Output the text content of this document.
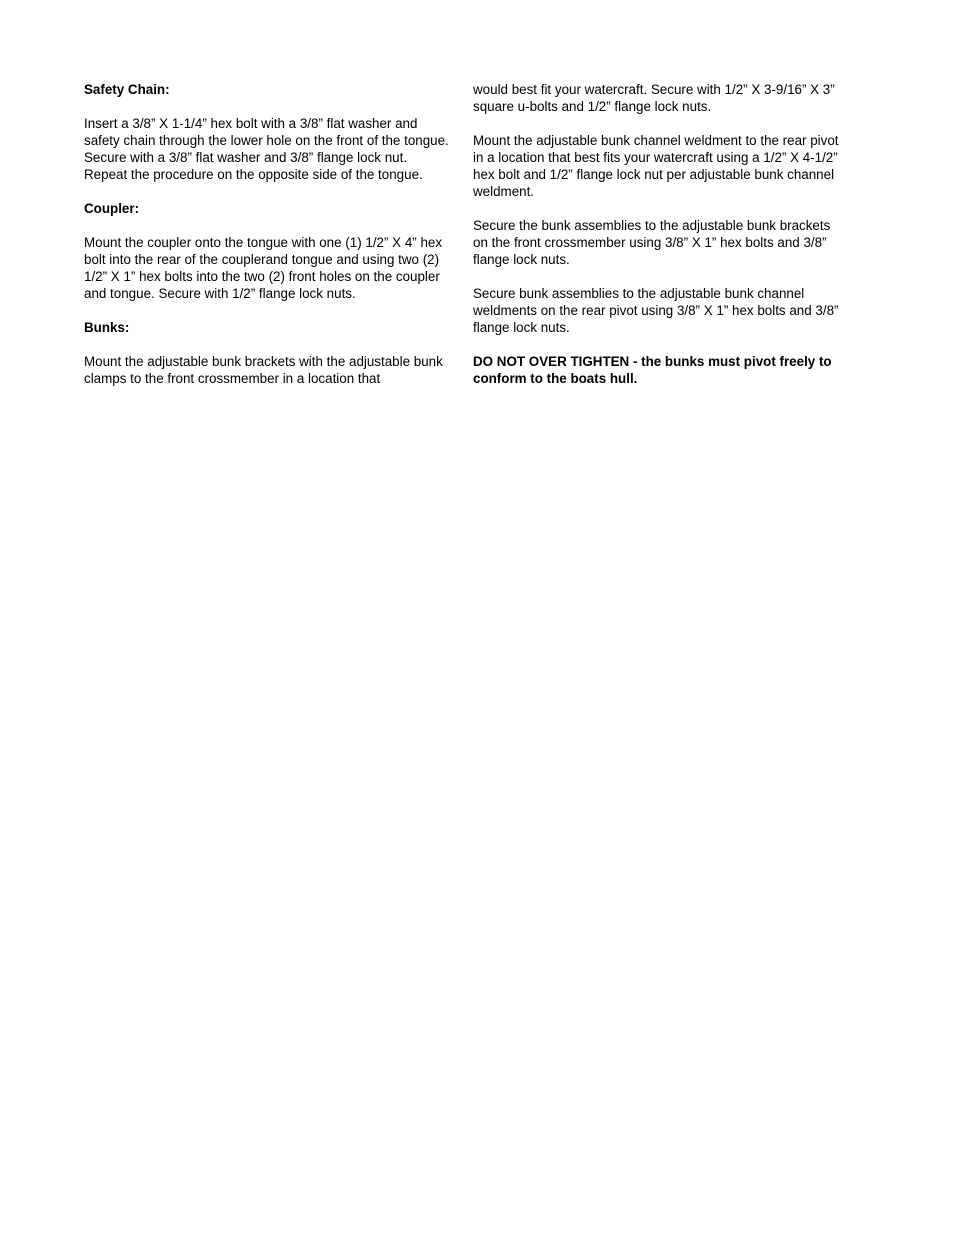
Safety Chain:

Insert a 3/8” X 1-1/4” hex bolt with a 3/8” flat washer and safety chain through the lower hole on the front of the tongue. Secure with a 3/8” flat washer and 3/8” flange lock nut. Repeat the procedure on the opposite side of the tongue.

Coupler:

Mount the coupler onto the tongue with one (1) 1/2” X 4” hex bolt into the rear of the couplerand tongue and using two (2) 1/2” X 1” hex bolts into the two (2) front holes on the coupler and tongue. Secure with 1/2” flange lock nuts.

Bunks:

Mount the adjustable bunk brackets with the adjustable bunk clamps to the front crossmember in a location that

would best fit your watercraft. Secure with 1/2” X 3-9/16” X 3” square u-bolts and 1/2” flange lock nuts.

Mount the adjustable bunk channel weldment to the rear pivot in a location that best fits your watercraft using a 1/2” X 4-1/2” hex bolt and 1/2” flange lock nut per adjustable bunk channel weldment.

Secure the bunk assemblies to the adjustable bunk brackets on the front crossmember using 3/8” X 1” hex bolts and 3/8” flange lock nuts.

Secure bunk assemblies to the adjustable bunk channel weldments on the rear pivot using 3/8” X 1” hex bolts and 3/8” flange lock nuts.

DO NOT OVER TIGHTEN - the bunks must pivot freely to conform to the boats hull.
